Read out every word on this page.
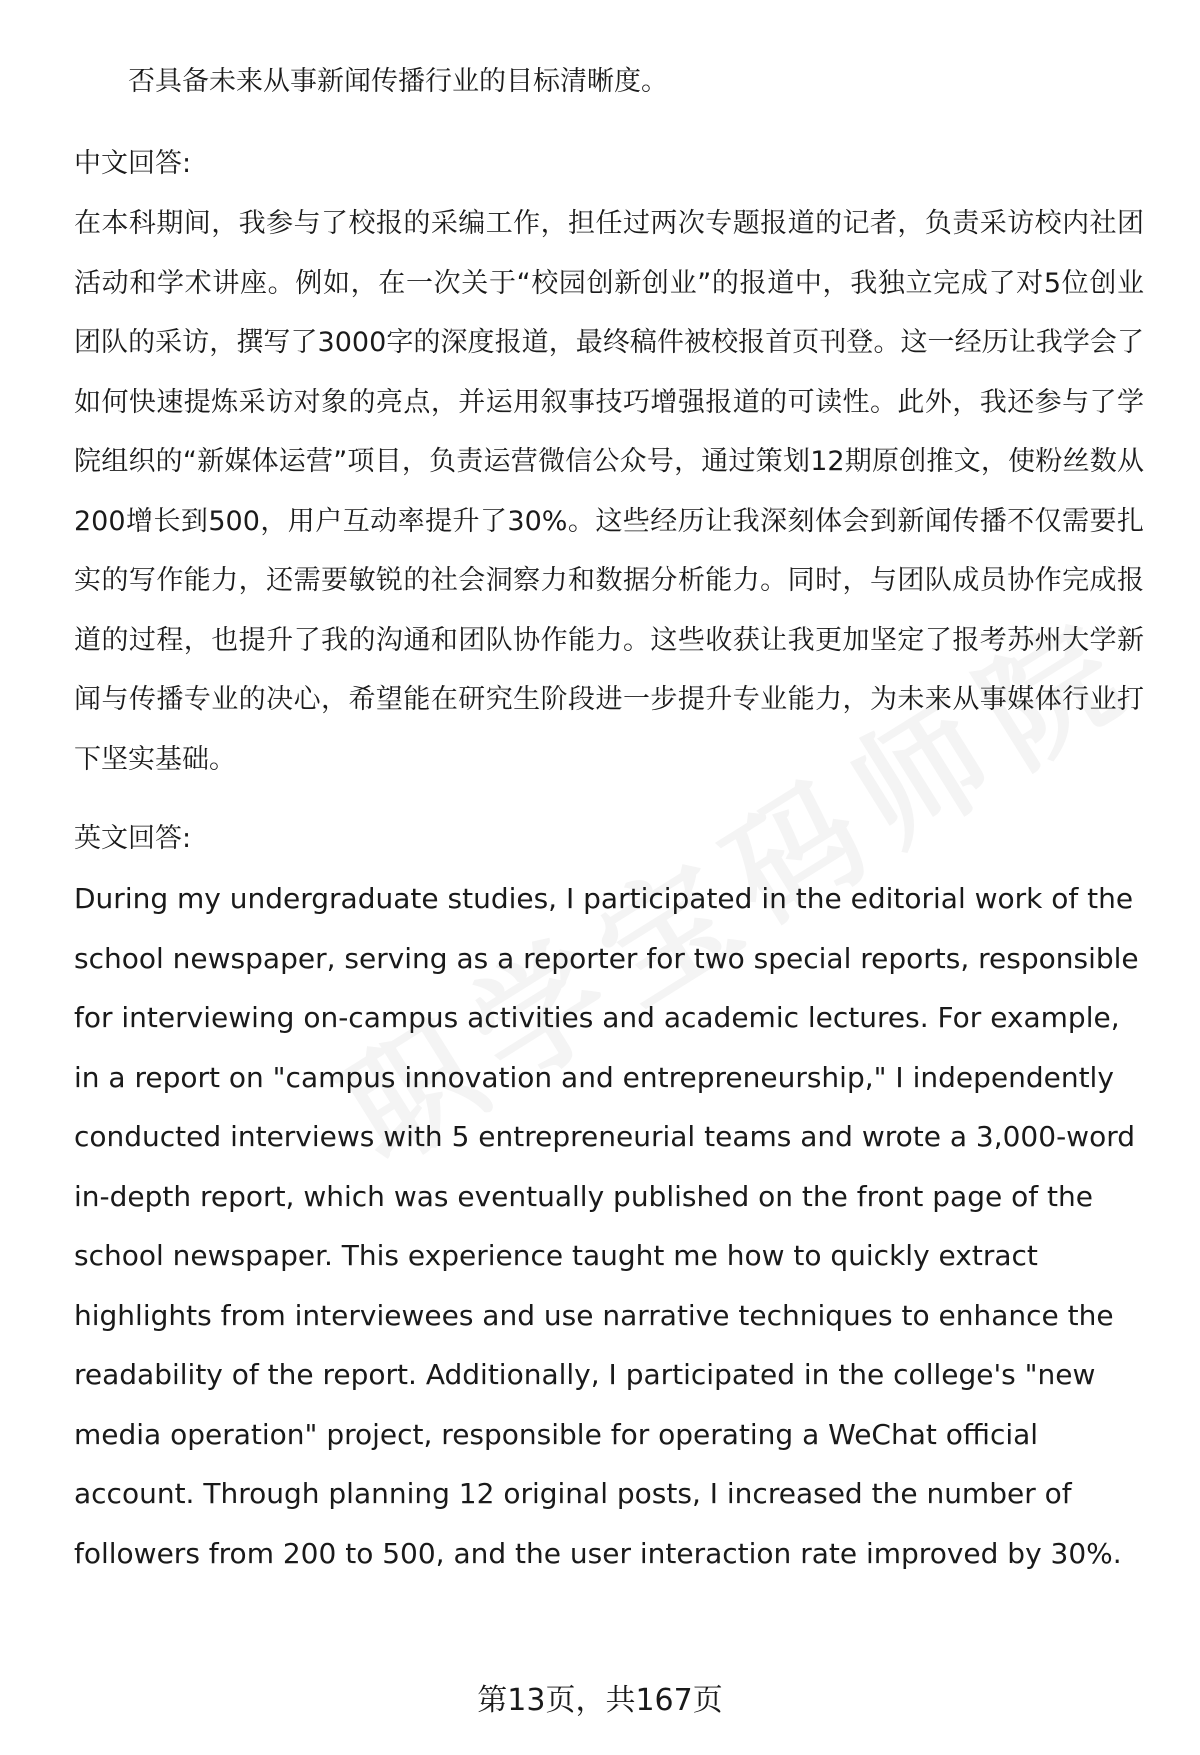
否具备未来从事新闻传播行业的目标清晰度。

中文回答:

在本科期间，我参与了校报的采编工作，担任过两次专题报道的记者，负责采访校内社团活动和学术讲座。例如，在一次关于“校园创新创业”的报道中，我独立完成了对5位创业团队的采访，撰写了3000字的深度报道，最终稿件被校报首页刊登。这一经历让我学会了如何快速提炼采访对象的亮点，并运用叙事技巧增强报道的可读性。此外，我还参与了学院组织的“新媒体运营”项目，负责运营微信公众号，通过策划12期原创推文，使粉丝数从200增长到500，用户互动率提升了30%。这些经历让我深刻体会到新闻传播不仅需要扎实的写作能力，还需要敏锐的社会洞察力和数据分析能力。同时，与团队成员协作完成报道的过程，也提升了我的沟通和团队协作能力。这些收获让我更加坚定了报考苏州大学新闻与传播专业的决心，希望能在研究生阶段进一步提升专业能力，为未来从事媒体行业打下坚实基础。

英文回答:

During my undergraduate studies, I participated in the editorial work of the school newspaper, serving as a reporter for two special reports, responsible for interviewing on-campus activities and academic lectures. For example, in a report on "campus innovation and entrepreneurship," I independently conducted interviews with 5 entrepreneurial teams and wrote a 3,000-word in-depth report, which was eventually published on the front page of the school newspaper. This experience taught me how to quickly extract highlights from interviewees and use narrative techniques to enhance the readability of the report. Additionally, I participated in the college's "new media operation" project, responsible for operating a WeChat official account. Through planning 12 original posts, I increased the number of followers from 200 to 500, and the user interaction rate improved by 30%.

第13页，共167页
